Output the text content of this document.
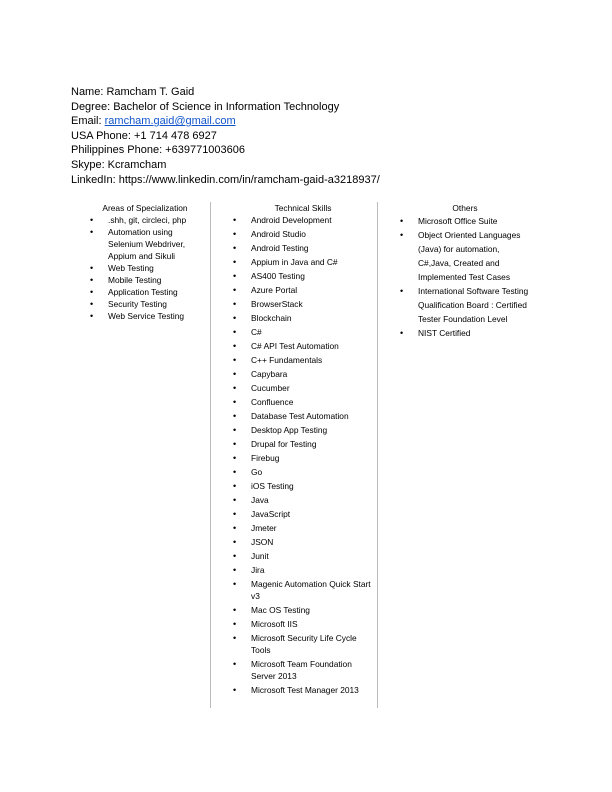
Name: Ramcham T. Gaid
Degree: Bachelor of Science in Information Technology
Email: ramcham.gaid@gmail.com
USA Phone: +1 714 478 6927
Philippines Phone: +639771003606
Skype: Kcramcham
LinkedIn: https://www.linkedin.com/in/ramcham-gaid-a3218937/
Areas of Specialization
• .shh, git, circleci, php
• Automation using Selenium Webdriver, Appium and Sikuli
• Web Testing
• Mobile Testing
• Application Testing
• Security Testing
• Web Service Testing
Technical Skills
• Android Development
• Android Studio
• Android Testing
• Appium in Java and C#
• AS400 Testing
• Azure Portal
• BrowserStack
• Blockchain
• C#
• C# API Test Automation
• C++ Fundamentals
• Capybara
• Cucumber
• Confluence
• Database Test Automation
• Desktop App Testing
• Drupal for Testing
• Firebug
• Go
• iOS Testing
• Java
• JavaScript
• Jmeter
• JSON
• Junit
• Jira
• Magenic Automation Quick Start v3
• Mac OS Testing
• Microsoft IIS
• Microsoft Security Life Cycle Tools
• Microsoft Team Foundation Server 2013
• Microsoft Test Manager 2013
Others
• Microsoft Office Suite
• Object Oriented Languages (Java) for automation, C#,Java, Created and Implemented Test Cases
• International Software Testing Qualification Board : Certified Tester Foundation Level
• NIST Certified
